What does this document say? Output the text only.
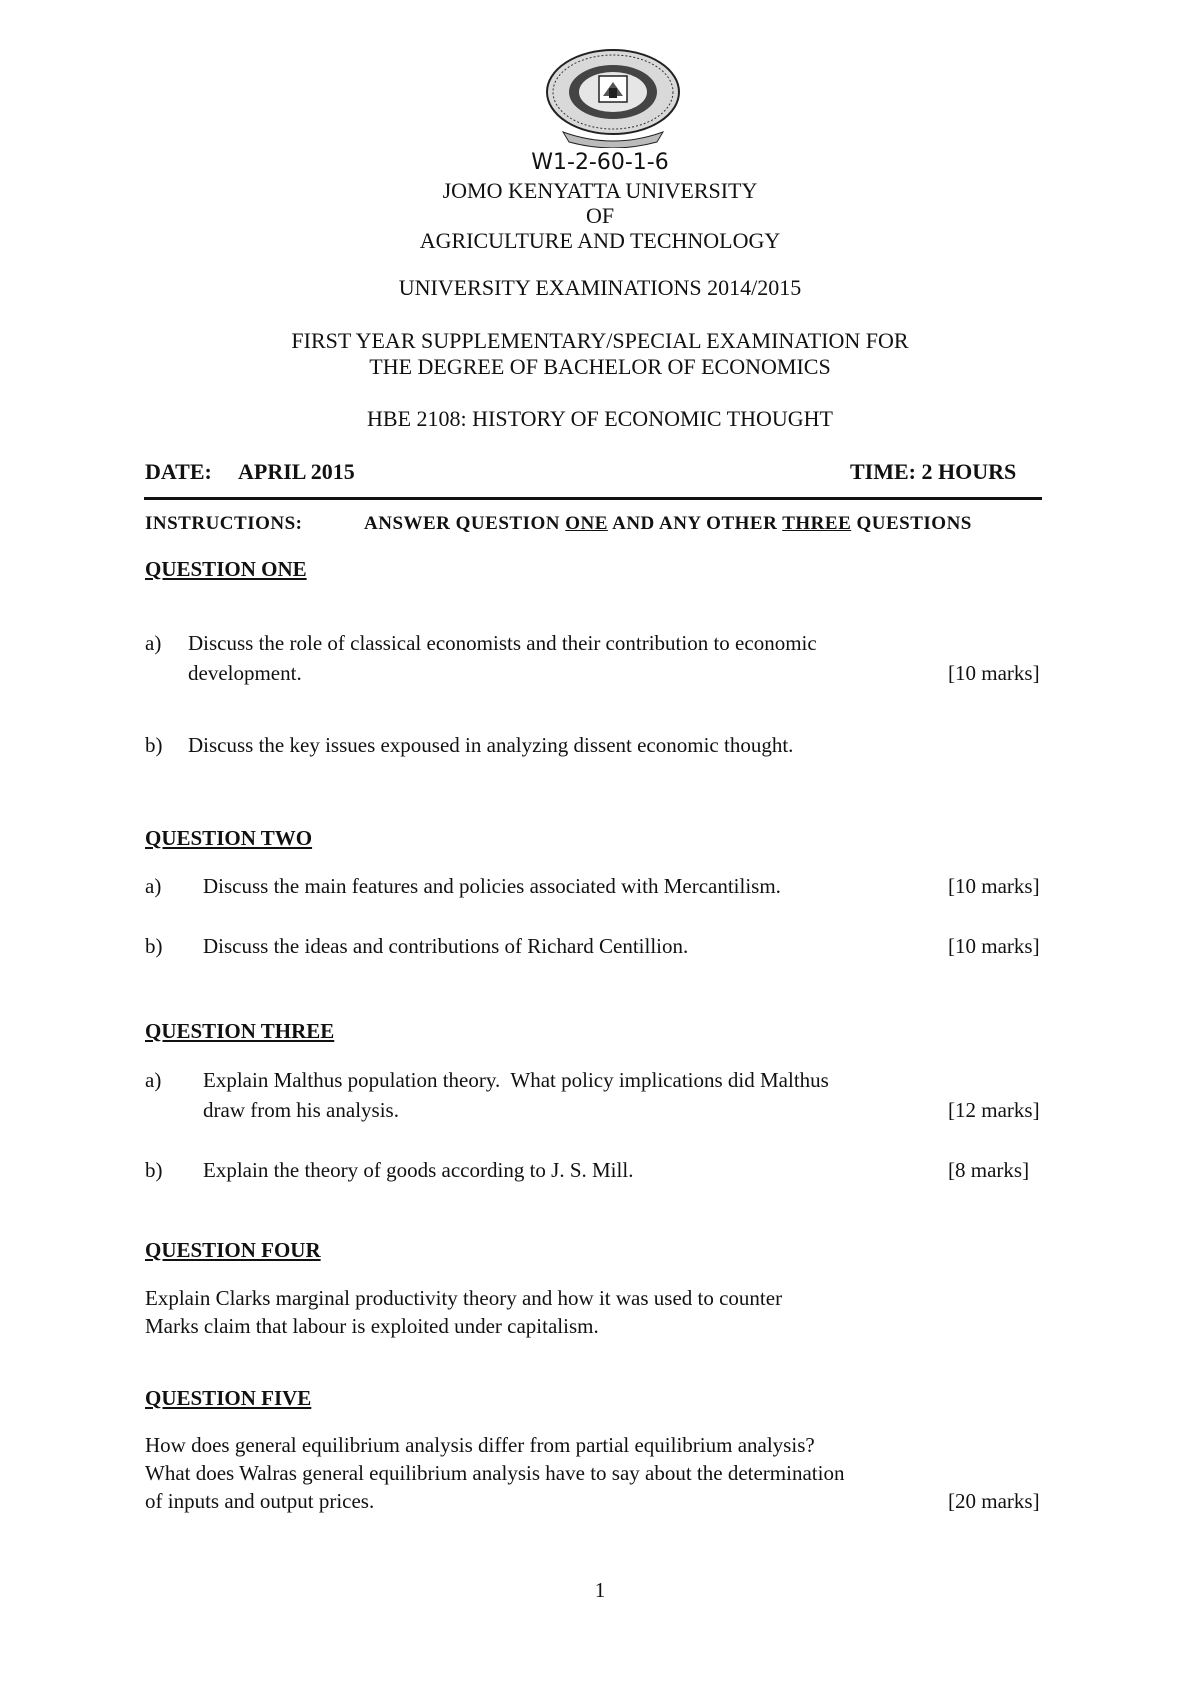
W1-2-60-1-6
JOMO KENYATTA UNIVERSITY
OF
AGRICULTURE AND TECHNOLOGY
UNIVERSITY EXAMINATIONS 2014/2015
FIRST YEAR SUPPLEMENTARY/SPECIAL EXAMINATION FOR
THE DEGREE OF BACHELOR OF ECONOMICS
HBE 2108: HISTORY OF ECONOMIC THOUGHT
DATE: APRIL 2015	TIME: 2 HOURS
INSTRUCTIONS:	ANSWER QUESTION ONE AND ANY OTHER THREE QUESTIONS
QUESTION ONE
a) Discuss the role of classical economists and their contribution to economic
development.	[10 marks]
b) Discuss the key issues expoused in analyzing dissent economic thought.
QUESTION TWO
a) Discuss the main features and policies associated with Mercantilism.	[10 marks]
b) Discuss the ideas and contributions of Richard Centillion.	[10 marks]
QUESTION THREE
a) Explain Malthus population theory.  What policy implications did Malthus
draw from his analysis.	[12 marks]
b) Explain the theory of goods according to J. S. Mill.	[8 marks]
QUESTION FOUR
Explain Clarks marginal productivity theory and how it was used to counter
Marks claim that labour is exploited under capitalism.
QUESTION FIVE
How does general equilibrium analysis differ from partial equilibrium analysis?
What does Walras general equilibrium analysis have to say about the determination
of inputs and output prices.	[20 marks]
1
